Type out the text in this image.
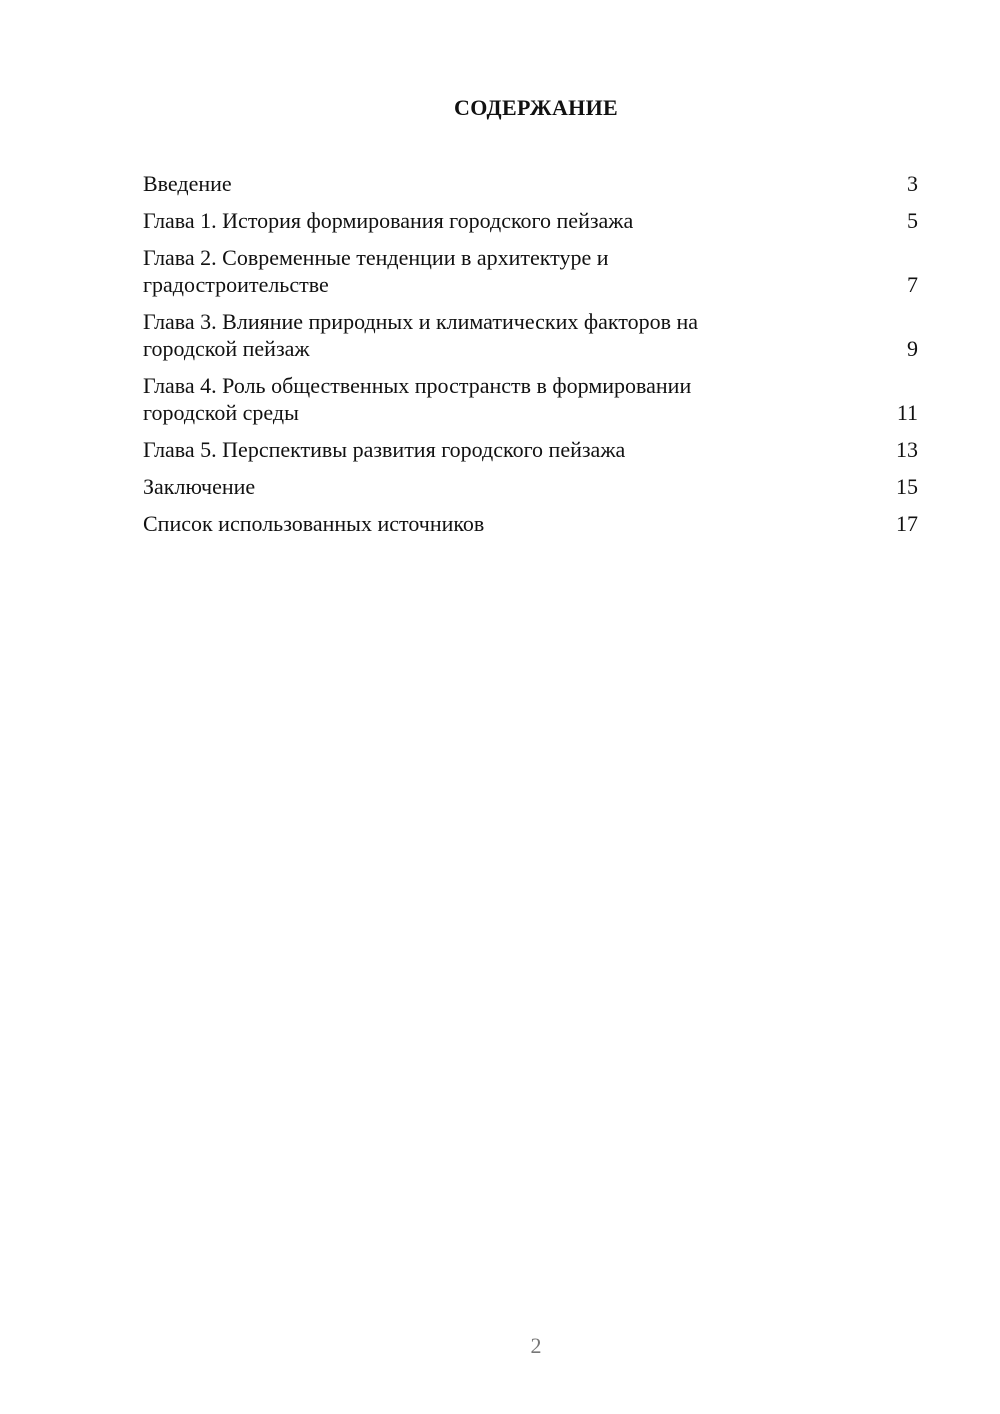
СОДЕРЖАНИЕ
Введение	3
Глава 1. История формирования городского пейзажа	5
Глава 2. Современные тенденции в архитектуре и градостроительстве	7
Глава 3. Влияние природных и климатических факторов на городской пейзаж	9
Глава 4. Роль общественных пространств в формировании городской среды	11
Глава 5. Перспективы развития городского пейзажа	13
Заключение	15
Список использованных источников	17
2
